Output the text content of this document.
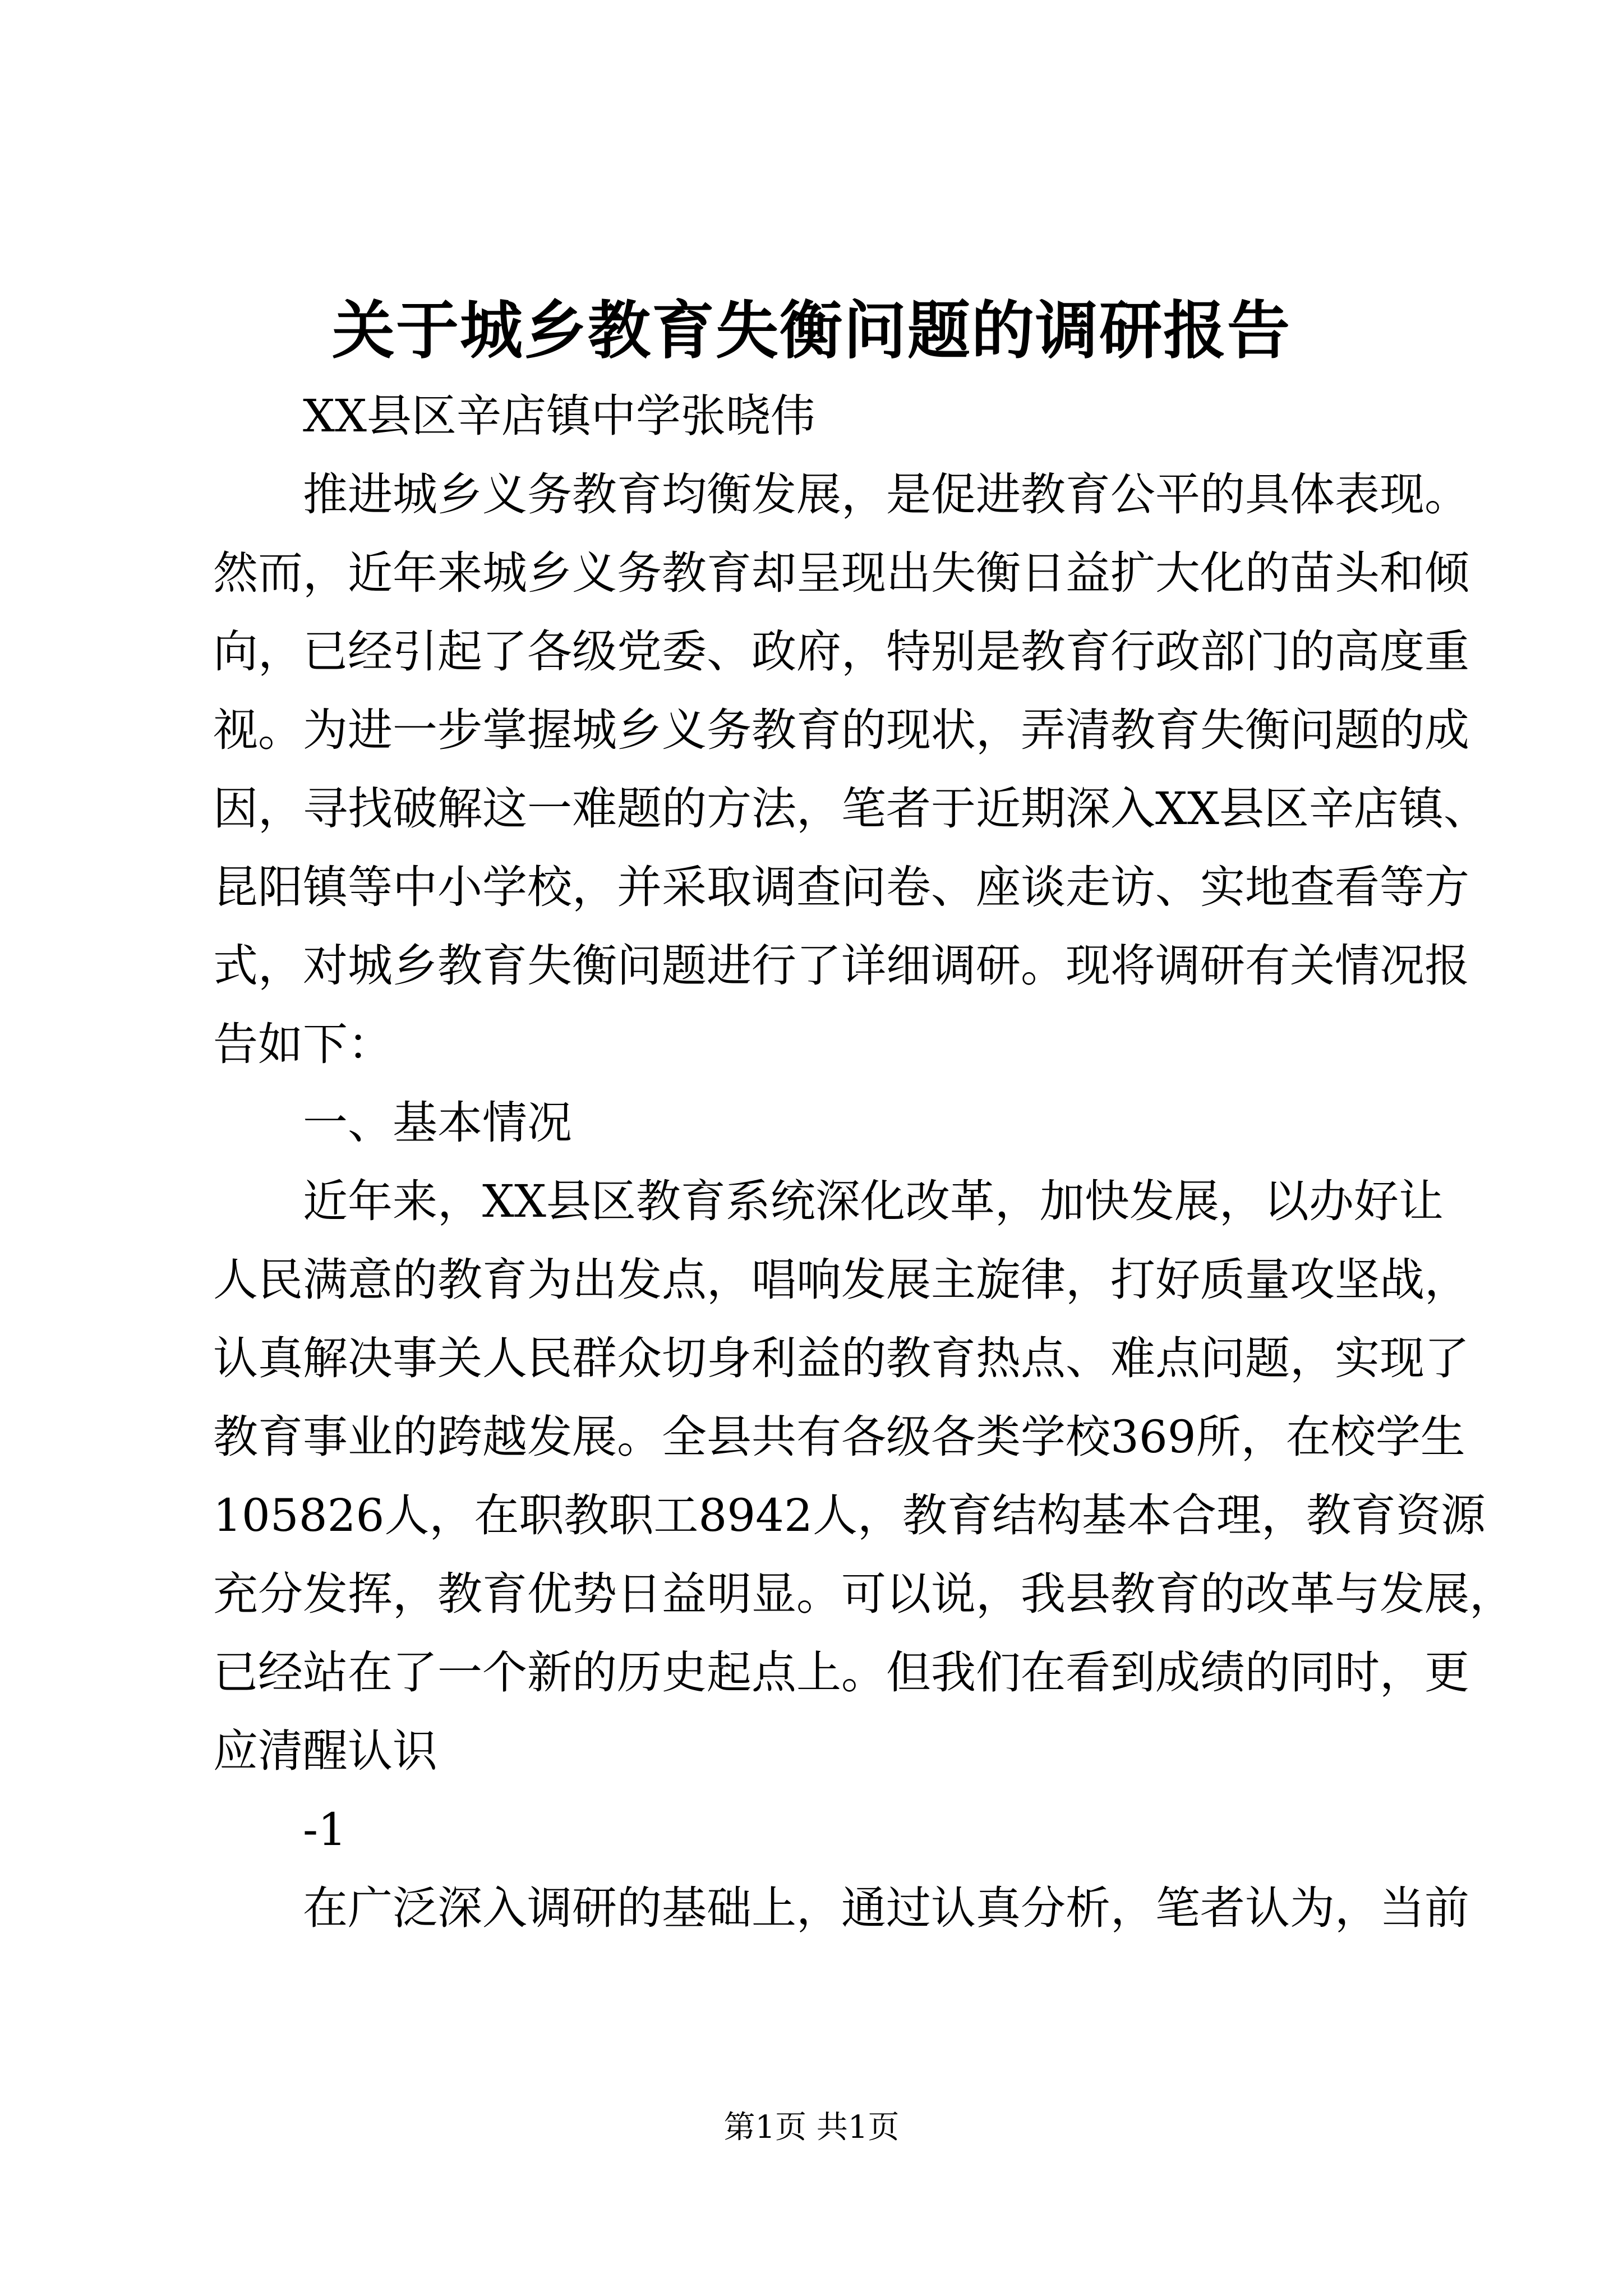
关于城乡教育失衡问题的调研报告
XX县区辛店镇中学张晓伟
推进城乡义务教育均衡发展，是促进教育公平的具体表现。
然而，近年来城乡义务教育却呈现出失衡日益扩大化的苗头和倾
向，已经引起了各级党委、政府，特别是教育行政部门的高度重
视。为进一步掌握城乡义务教育的现状，弄清教育失衡问题的成
因，寻找破解这一难题的方法，笔者于近期深入XX县区辛店镇、
昆阳镇等中小学校，并采取调查问卷、座谈走访、实地查看等方
式，对城乡教育失衡问题进行了详细调研。现将调研有关情况报
告如下：
一、基本情况
近年来，XX县区教育系统深化改革，加快发展，以办好让
人民满意的教育为出发点，唱响发展主旋律，打好质量攻坚战，
认真解决事关人民群众切身利益的教育热点、难点问题，实现了
教育事业的跨越发展。全县共有各级各类学校369所，在校学生
105826人，在职教职工8942人，教育结构基本合理，教育资源
充分发挥，教育优势日益明显。可以说，我县教育的改革与发展，
已经站在了一个新的历史起点上。但我们在看到成绩的同时，更
应清醒认识
-1
在广泛深入调研的基础上，通过认真分析，笔者认为，当前
第1页 共1页
